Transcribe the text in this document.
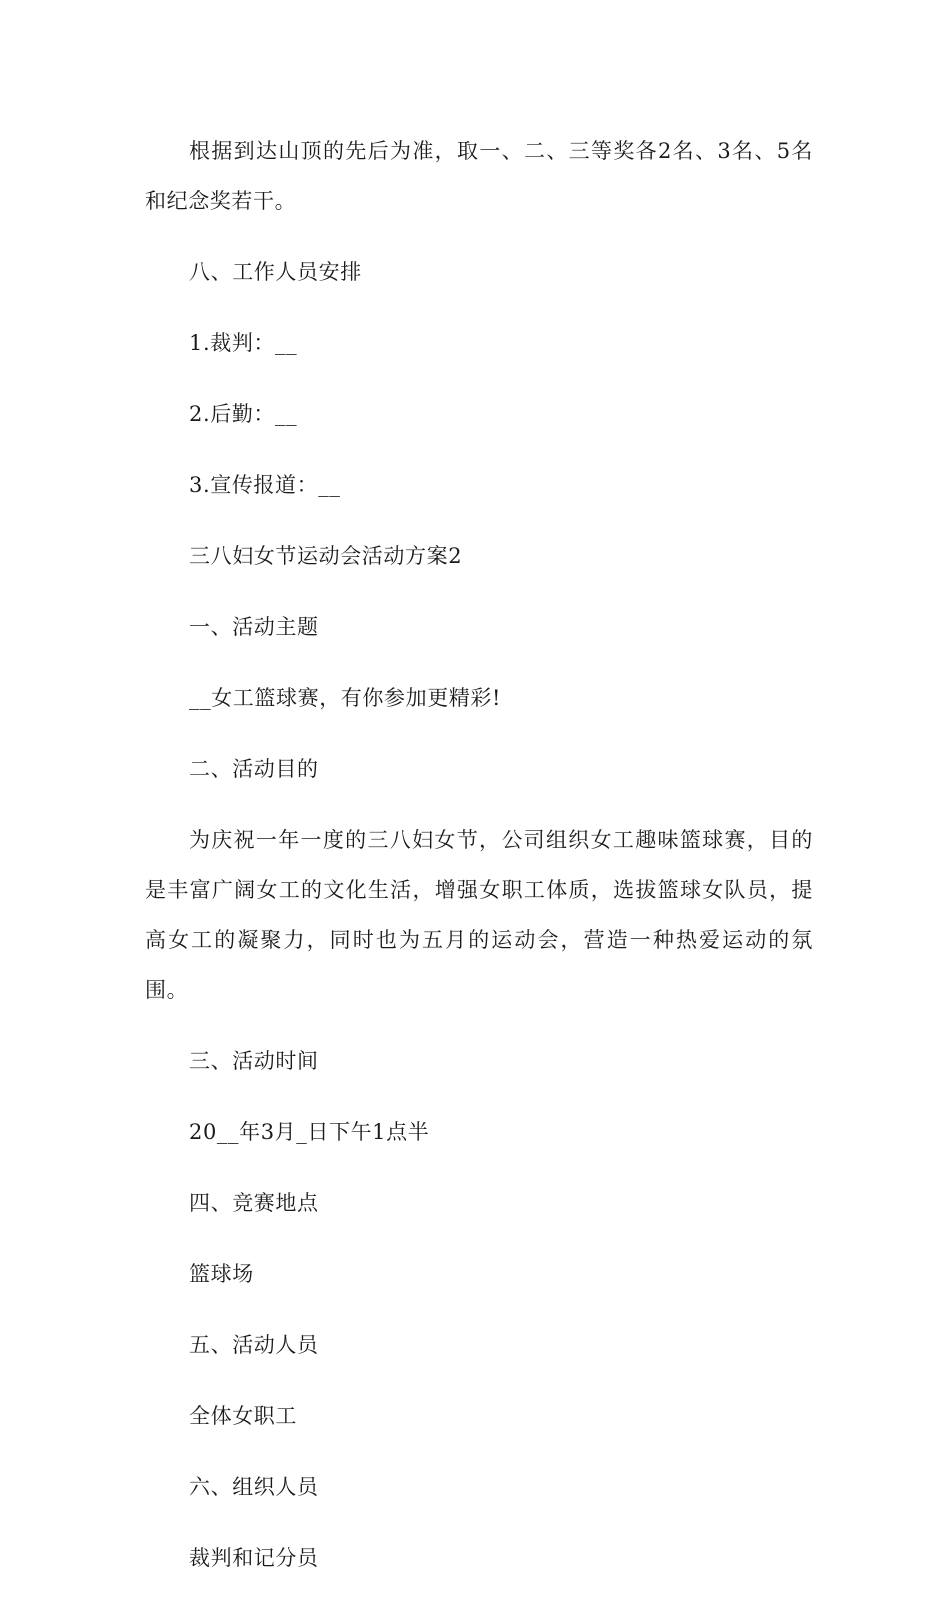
根据到达山顶的先后为准，取一、二、三等奖各2名、3名、5名和纪念奖若干。

八、工作人员安排

1.裁判：__

2.后勤：__

3.宣传报道：__

三八妇女节运动会活动方案2

一、活动主题

__女工篮球赛，有你参加更精彩!

二、活动目的

为庆祝一年一度的三八妇女节，公司组织女工趣味篮球赛，目的是丰富广阔女工的文化生活，增强女职工体质，选拔篮球女队员，提高女工的凝聚力，同时也为五月的运动会，营造一种热爱运动的氛围。

三、活动时间

20__年3月_日下午1点半

四、竞赛地点

篮球场

五、活动人员

全体女职工

六、组织人员

裁判和记分员
